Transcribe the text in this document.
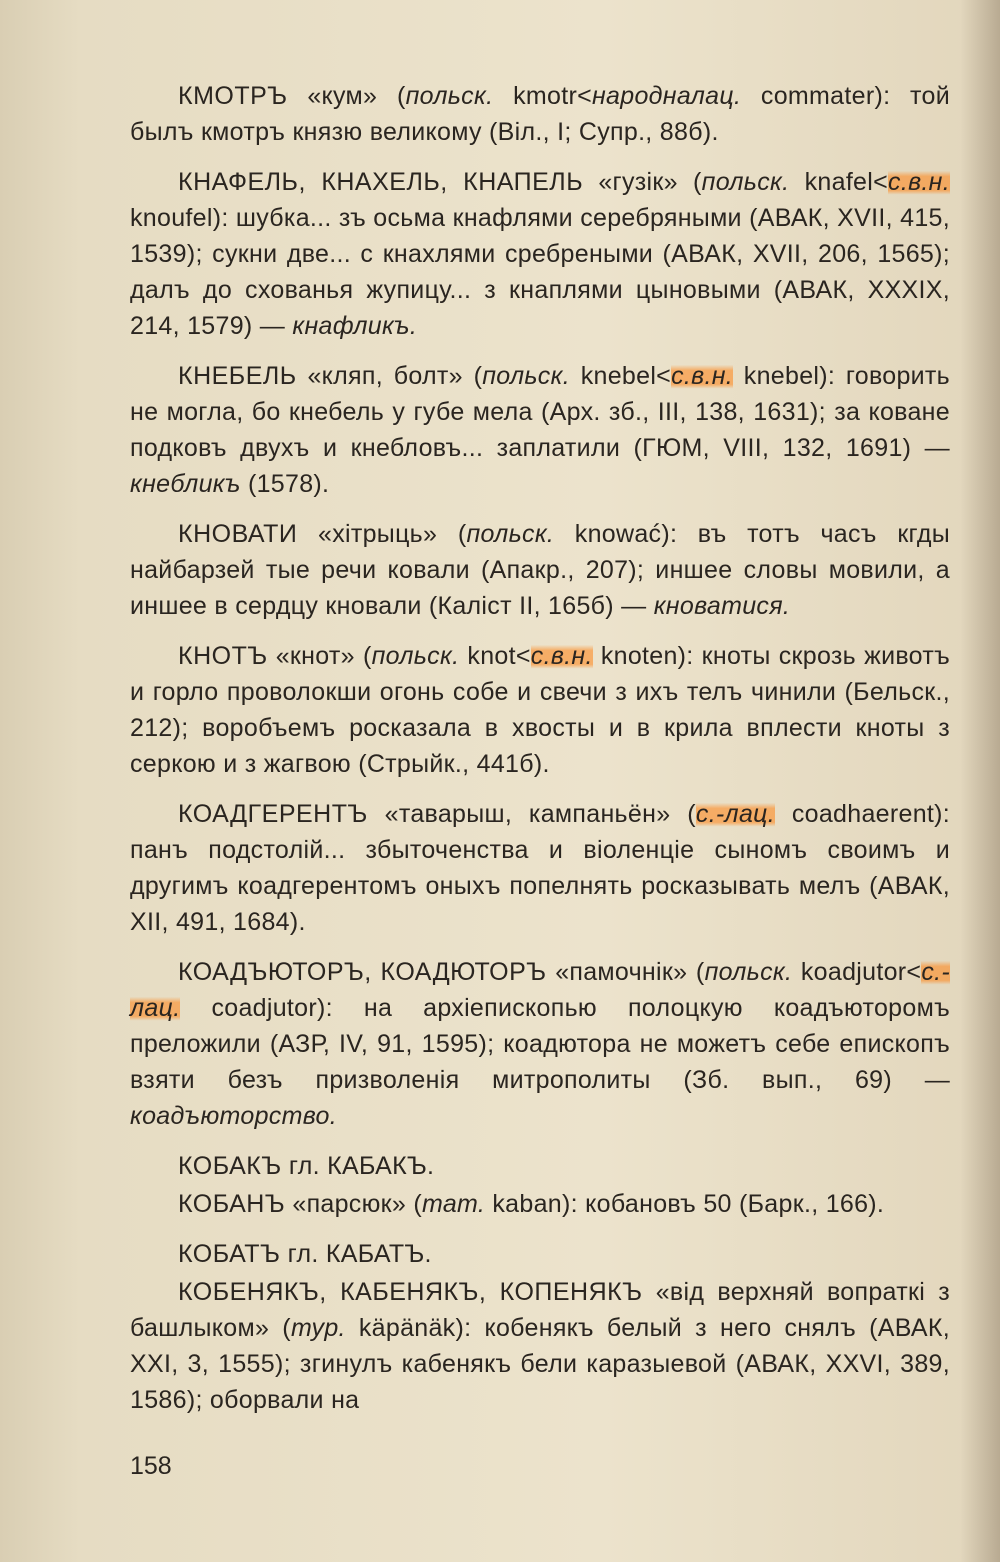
КМОТРЪ «кум» (польск. kmotr<народналац. commater): той былъ кмотръ князю великому (Віл., I; Супр., 88б).

КНАФЕЛЬ, КНАХЕЛЬ, КНАПЕЛЬ «гузік» (польск. knafel<с.в.н. knoufel): шубка... зъ осьма кнафлями серебряными (АВАК, XVII, 415, 1539); сукни две... с кнахлями сребреными (АВАК, XVII, 206, 1565); далъ до схованья жупицу... з кнаплями цыновыми (АВАК, XXXIX, 214, 1579) — кнафликъ.

КНЕБЕЛЬ «кляп, болт» (польск. knebel<с.в.н. knebel): говорить не могла, бо кнебель у губе мела (Арх. зб., III, 138, 1631); за кованe подковъ двухъ и кнебловъ... заплатили (ГЮМ, VIII, 132, 1691) — кнебликъ (1578).

КНОВАТИ «хітрыць» (польск. knować): въ тотъ часъ кгды найбарзей тые речи ковали (Апакр., 207); иншее словы мовили, а иншее в сердцу кновали (Каліст II, 165б) — кноватися.

КНОТЪ «кнот» (польск. knot<с.в.н. knoten): кноты скрозь животъ и горло проволокши огонь собе и свечи з ихъ телъ чинили (Бельск., 212); воробъемъ росказала в хвосты и в крила вплести кноты з серкою и з жагвою (Стрыйк., 441б).

КОАДГЕРЕНТЪ «таварыш, кампаньён» (с.-лац. coadhaerent): панъ подстолій... збыточенства и віоленціе сыномъ своимъ и другимъ коадгерентомъ оныхъ попелнять росказывать мелъ (АВАК, XII, 491, 1684).

КОАДЪЮТОРЪ, КОАДЮТОРЪ «памочнік» (польск. koadjutor<с.-лац. coadjutor): на архіепископью полоцкую коадъюторомъ преложили (АЗР, IV, 91, 1595); коадютора не можетъ себе епископъ взяти безъ призволенія митрополиты (Зб. вып., 69) — коадъюторство.

КОБАКЪ гл. КАБАКЪ.

КОБАНЪ «парсюк» (тат. kaban): кобановъ 50 (Барк., 166).

КОБАТЪ гл. КАБАТЪ.

КОБЕНЯКЪ, КАБЕНЯКЪ, КОПЕНЯКЪ «від верхняй вопраткі з башлыком» (тур. käpänäk): кобенякъ белый з него снялъ (АВАК, XXI, 3, 1555); згинулъ кабенякъ бели каразыевой (АВАК, XXVI, 389, 1586); оборвали на

158
